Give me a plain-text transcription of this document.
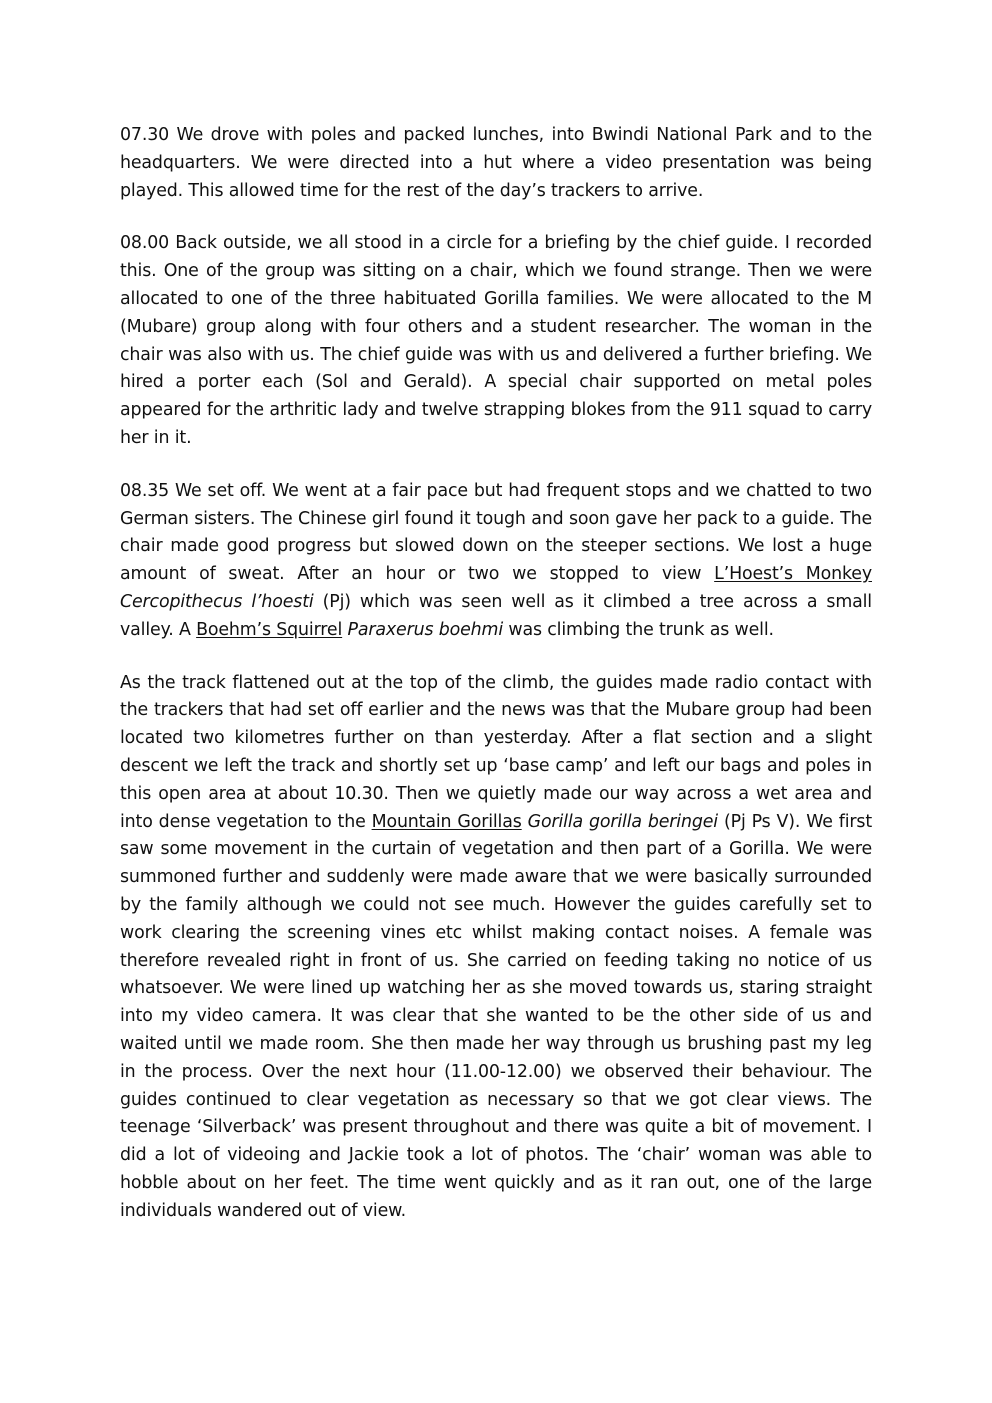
07.30 We drove with poles and packed lunches, into Bwindi National Park and to the headquarters. We were directed into a hut where a video presentation was being played. This allowed time for the rest of the day’s trackers to arrive.

08.00 Back outside, we all stood in a circle for a briefing by the chief guide. I recorded this. One of the group was sitting on a chair, which we found strange. Then we were allocated to one of the three habituated Gorilla families. We were allocated to the M (Mubare) group along with four others and a student researcher. The woman in the chair was also with us. The chief guide was with us and delivered a further briefing. We hired a porter each (Sol and Gerald). A special chair supported on metal poles appeared for the arthritic lady and twelve strapping blokes from the 911 squad to carry her in it.

08.35 We set off. We went at a fair pace but had frequent stops and we chatted to two German sisters. The Chinese girl found it tough and soon gave her pack to a guide. The chair made good progress but slowed down on the steeper sections. We lost a huge amount of sweat. After an hour or two we stopped to view L’Hoest’s Monkey Cercopithecus l’hoesti (Pj) which was seen well as it climbed a tree across a small valley. A Boehm’s Squirrel Paraxerus boehmi was climbing the trunk as well.

As the track flattened out at the top of the climb, the guides made radio contact with the trackers that had set off earlier and the news was that the Mubare group had been located two kilometres further on than yesterday. After a flat section and a slight descent we left the track and shortly set up ‘base camp’ and left our bags and poles in this open area at about 10.30. Then we quietly made our way across a wet area and into dense vegetation to the Mountain Gorillas Gorilla gorilla beringei (Pj Ps V). We first saw some movement in the curtain of vegetation and then part of a Gorilla. We were summoned further and suddenly were made aware that we were basically surrounded by the family although we could not see much. However the guides carefully set to work clearing the screening vines etc whilst making contact noises. A female was therefore revealed right in front of us. She carried on feeding taking no notice of us whatsoever. We were lined up watching her as she moved towards us, staring straight into my video camera. It was clear that she wanted to be the other side of us and waited until we made room. She then made her way through us brushing past my leg in the process. Over the next hour (11.00-12.00) we observed their behaviour. The guides continued to clear vegetation as necessary so that we got clear views. The teenage ‘Silverback’ was present throughout and there was quite a bit of movement. I did a lot of videoing and Jackie took a lot of photos. The ‘chair’ woman was able to hobble about on her feet. The time went quickly and as it ran out, one of the large individuals wandered out of view.
